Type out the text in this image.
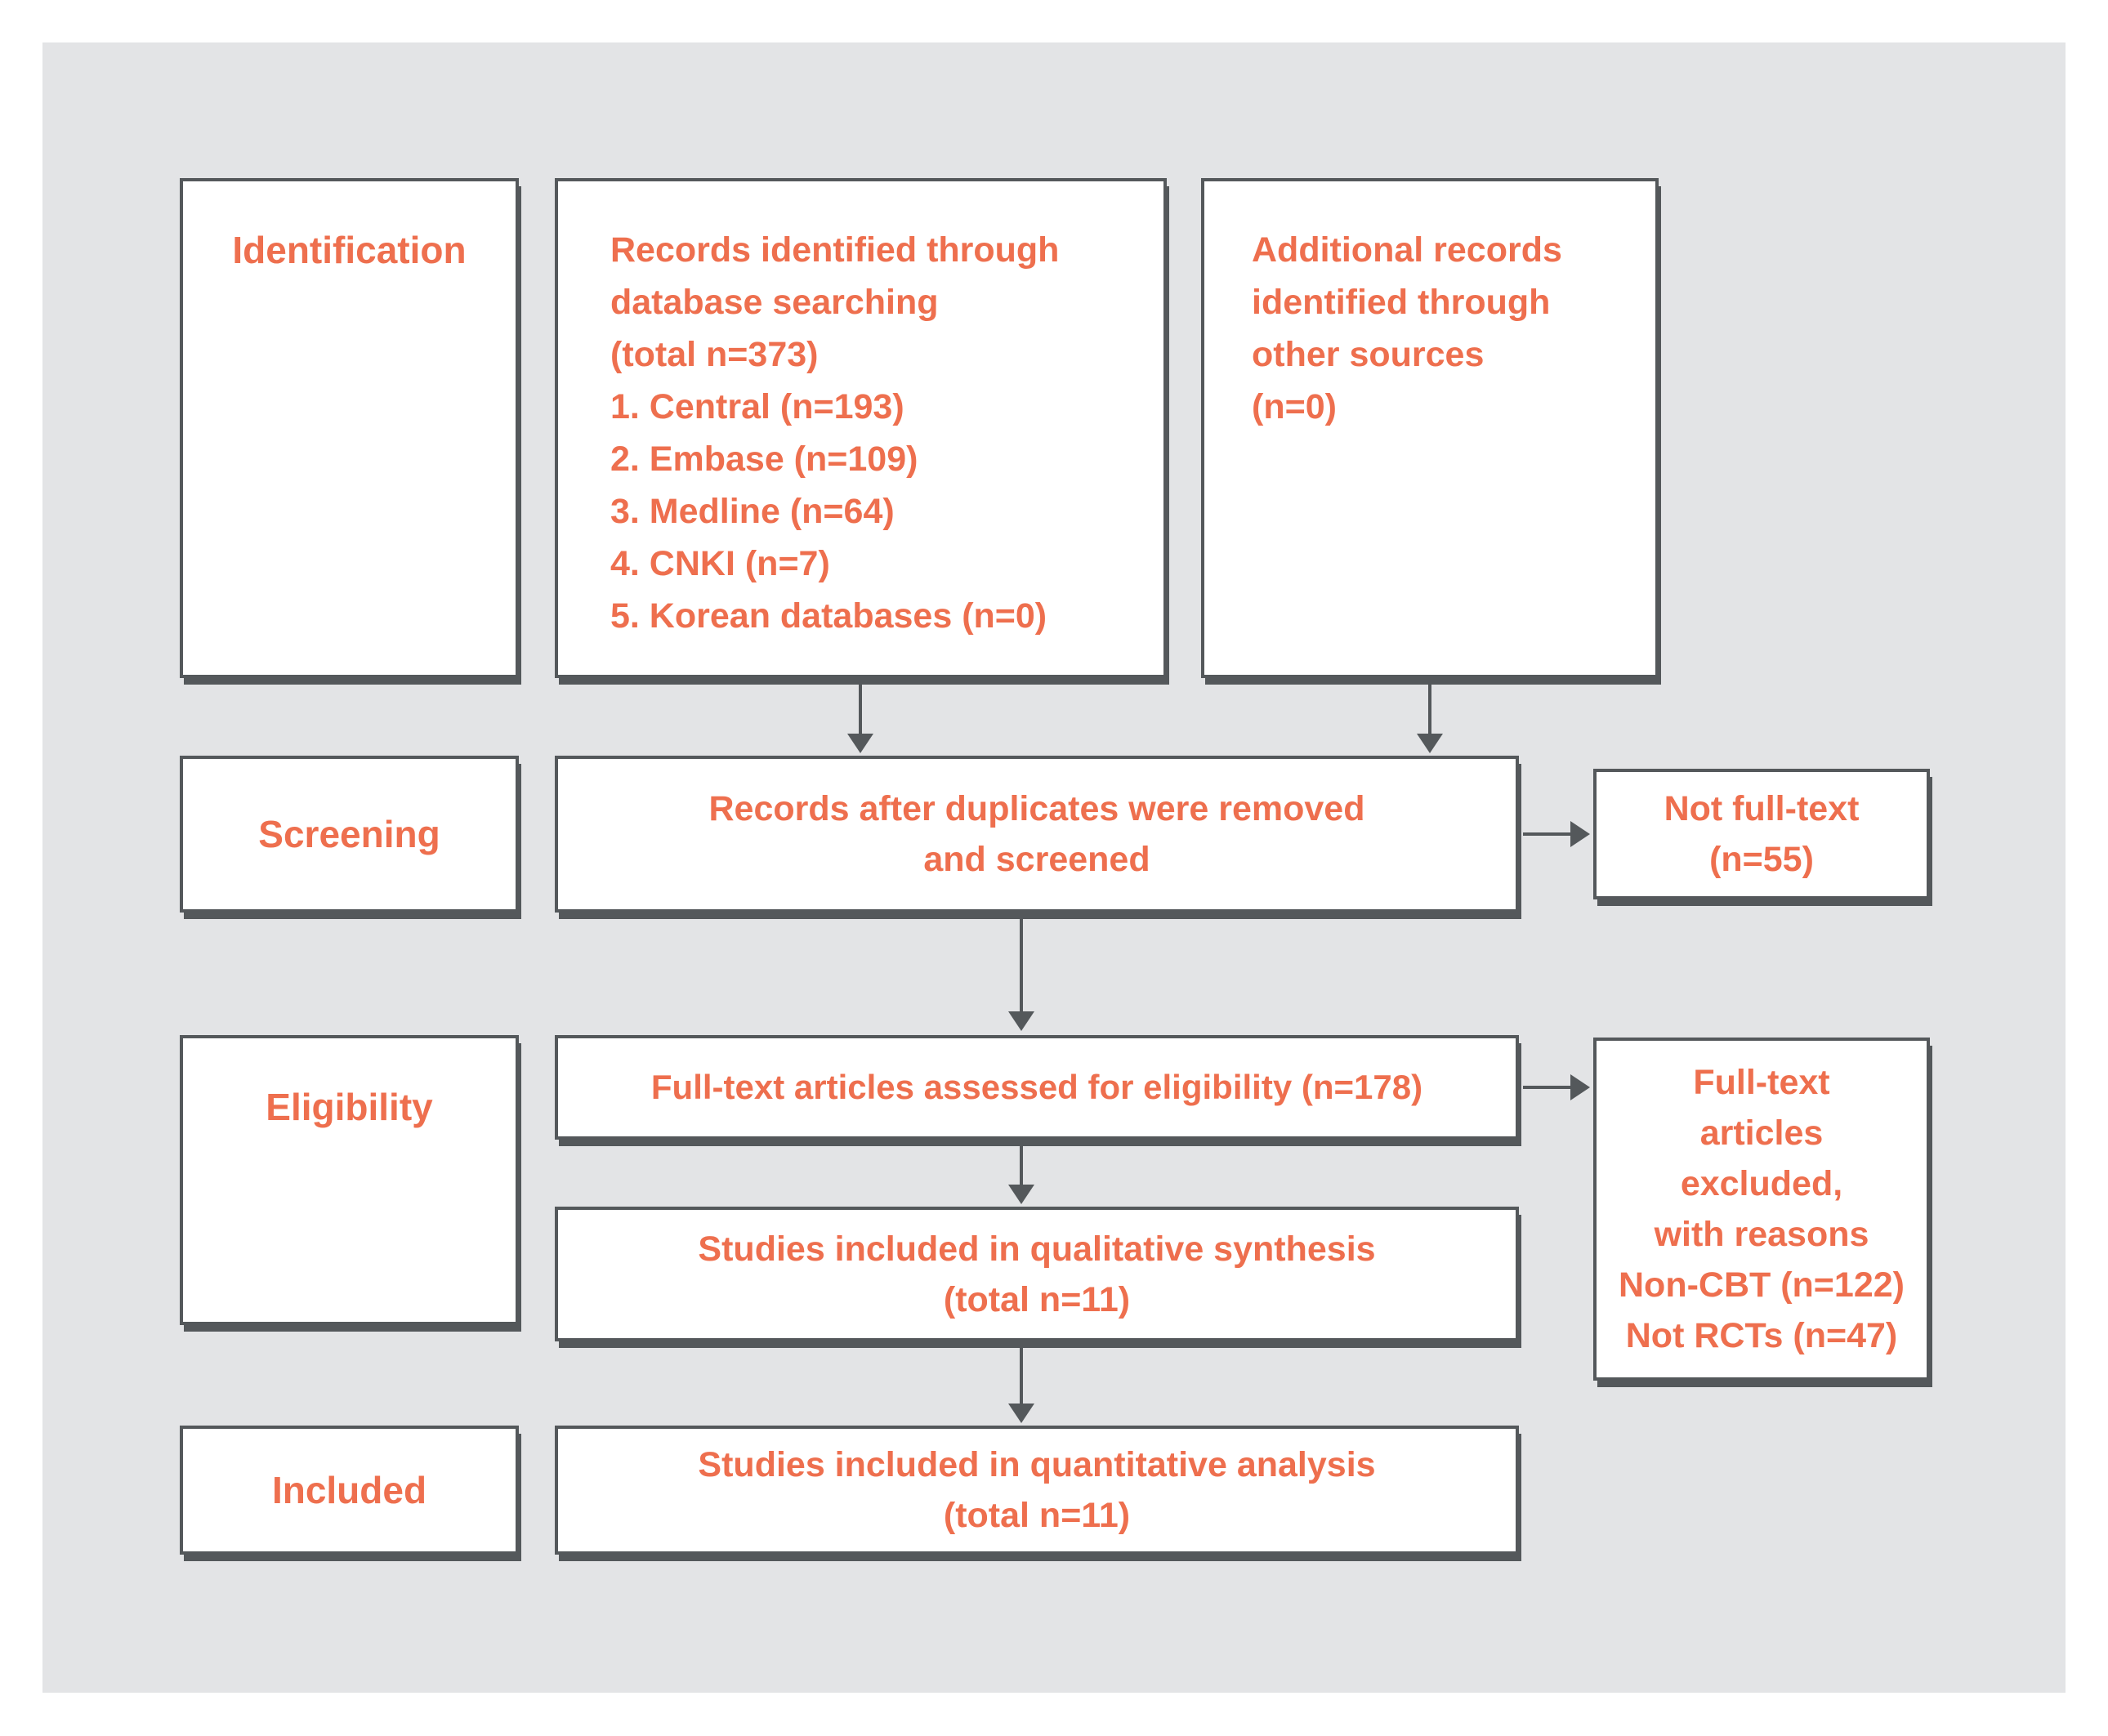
Identification	Records identified through
database searching
(total n=373)
1. Central (n=193)
2. Embase (n=109)
3. Medline (n=64)
4. CNKI (n=7)
5. Korean databases (n=0)
Additional records
identified through
other sources
(n=0)
Screening
Records after duplicates were removed
and screened
Not full-text
(n=55)
Eligibility	Full-text articles assessed for eligibility (n=178)	Full-text
articles
excluded,
with reasons
Non-CBT (n=122)
Not RCTs (n=47)
Studies included in qualitative synthesis
(total n=11)
Included
Studies included in quantitative analysis
(total n=11)
